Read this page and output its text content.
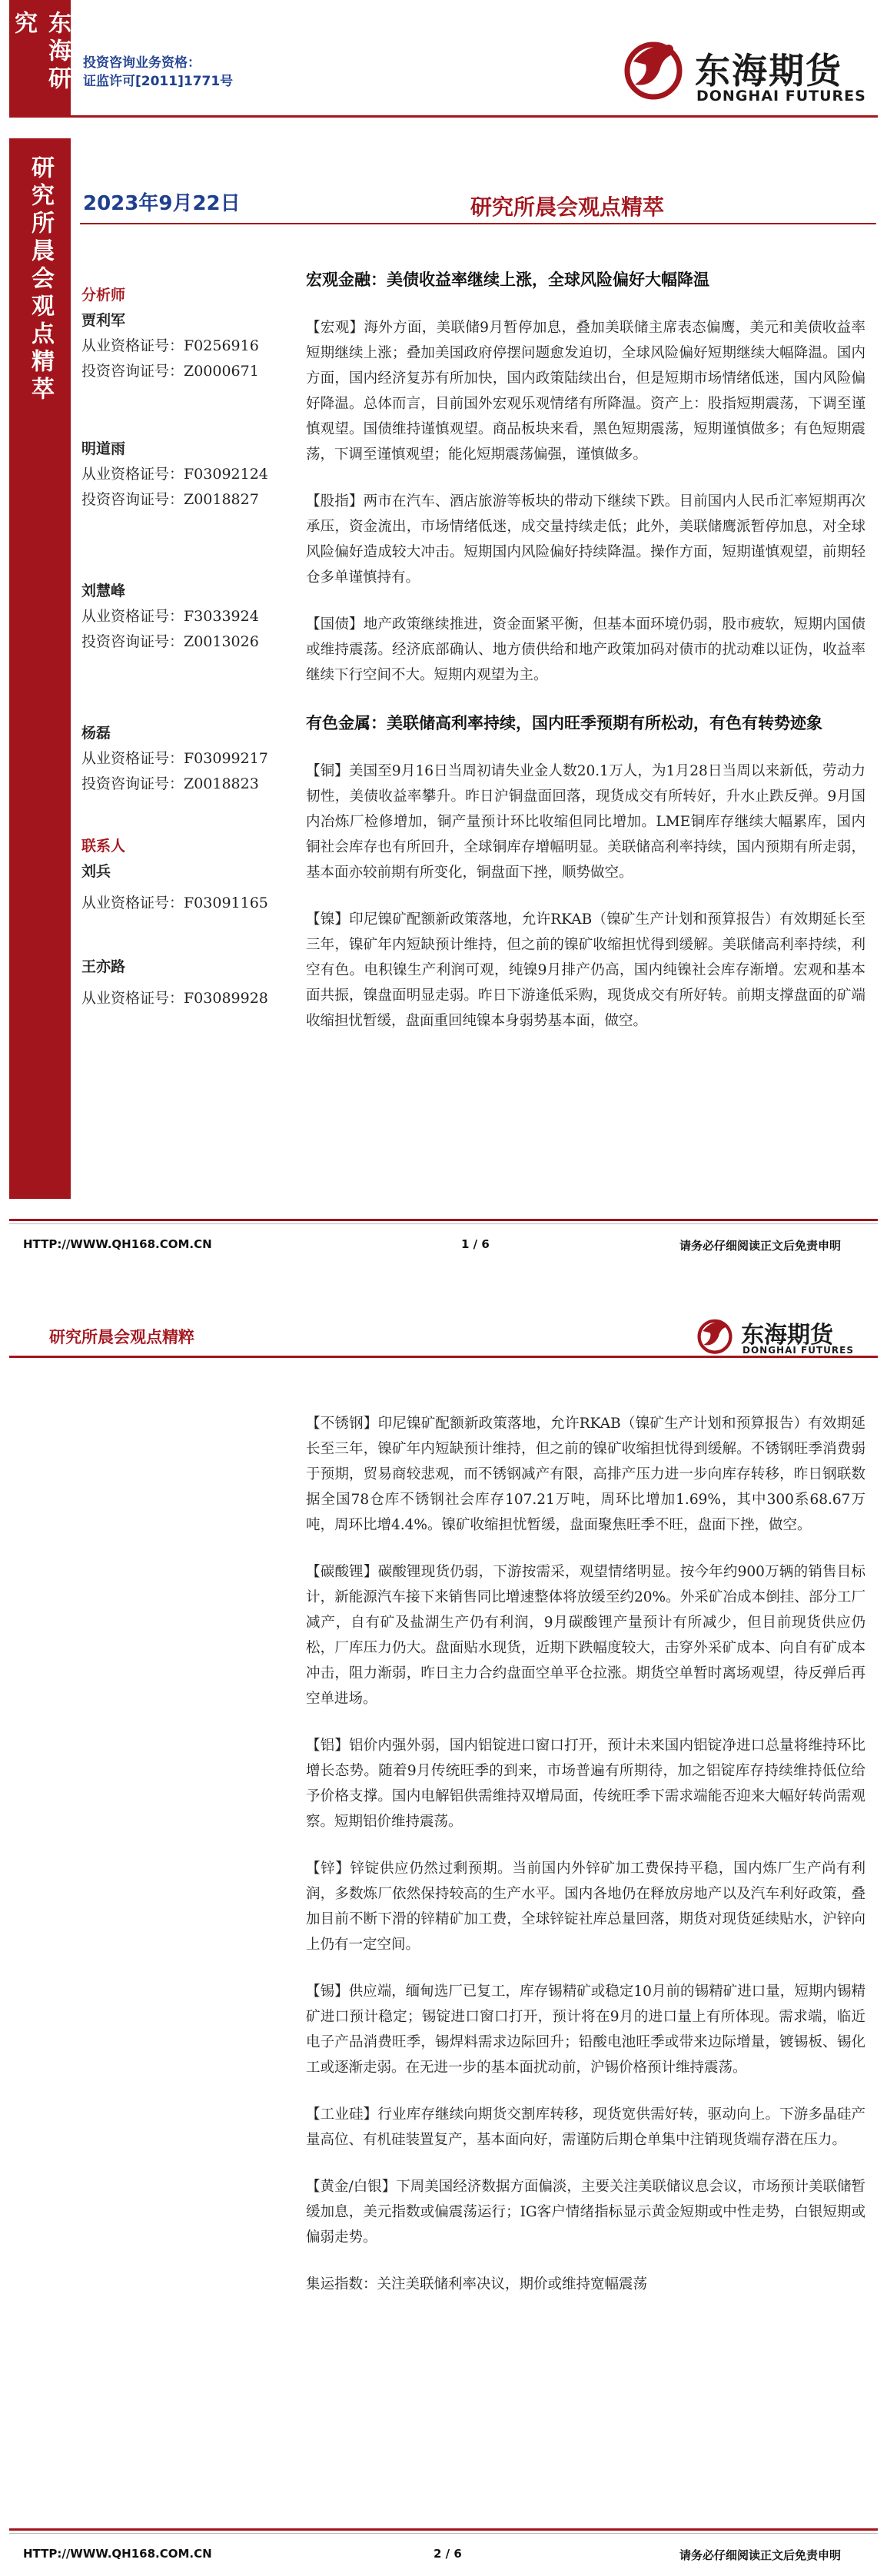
东海研究
投资咨询业务资格：
证监许可[2011]1771号	东海期货
DONGHAI FUTURES
研究所晨会观点精萃	2023年9月22日	研究所晨会观点精萃
分析师
贾利军
从业资格证号：F0256916
投资咨询证号：Z0000671
明道雨
从业资格证号：F03092124
投资咨询证号：Z0018827
刘慧峰
从业资格证号：F3033924
投资咨询证号：Z0013026
杨磊
从业资格证号：F03099217
投资咨询证号：Z0018823
联系人
刘兵
从业资格证号：F03091165
王亦路
从业资格证号：F03089928
宏观金融：美债收益率继续上涨，全球风险偏好大幅降温
【宏观】海外方面，美联储9月暂停加息，叠加美联储主席表态偏鹰，美元和美债收益率短期继续上涨；叠加美国政府停摆问题愈发迫切，全球风险偏好短期继续大幅降温。国内方面，国内经济复苏有所加快，国内政策陆续出台，但是短期市场情绪低迷，国内风险偏好降温。总体而言，目前国外宏观乐观情绪有所降温。资产上：股指短期震荡，下调至谨慎观望。国债维持谨慎观望。商品板块来看，黑色短期震荡，短期谨慎做多；有色短期震荡，下调至谨慎观望；能化短期震荡偏强，谨慎做多。
【股指】两市在汽车、酒店旅游等板块的带动下继续下跌。目前国内人民币汇率短期再次承压，资金流出，市场情绪低迷，成交量持续走低；此外，美联储鹰派暂停加息，对全球风险偏好造成较大冲击。短期国内风险偏好持续降温。操作方面，短期谨慎观望，前期轻仓多单谨慎持有。
【国债】地产政策继续推进，资金面紧平衡，但基本面环境仍弱，股市疲软，短期内国债或维持震荡。经济底部确认、地方债供给和地产政策加码对债市的扰动难以证伪，收益率继续下行空间不大。短期内观望为主。
有色金属：美联储高利率持续，国内旺季预期有所松动，有色有转势迹象
【铜】美国至9月16日当周初请失业金人数20.1万人，为1月28日当周以来新低，劳动力韧性，美债收益率攀升。昨日沪铜盘面回落，现货成交有所转好，升水止跌反弹。9月国内冶炼厂检修增加，铜产量预计环比收缩但同比增加。LME铜库存继续大幅累库，国内铜社会库存也有所回升，全球铜库存增幅明显。美联储高利率持续，国内预期有所走弱，基本面亦较前期有所变化，铜盘面下挫，顺势做空。
【镍】印尼镍矿配额新政策落地，允许RKAB（镍矿生产计划和预算报告）有效期延长至三年，镍矿年内短缺预计维持，但之前的镍矿收缩担忧得到缓解。美联储高利率持续，利空有色。电积镍生产利润可观，纯镍9月排产仍高，国内纯镍社会库存渐增。宏观和基本面共振，镍盘面明显走弱。昨日下游逢低采购，现货成交有所好转。前期支撑盘面的矿端收缩担忧暂缓，盘面重回纯镍本身弱势基本面，做空。
HTTP://WWW.QH168.COM.CN	1 / 6	请务必仔细阅读正文后免责申明
研究所晨会观点精粹	东海期货
DONGHAI FUTURES
【不锈钢】印尼镍矿配额新政策落地，允许RKAB（镍矿生产计划和预算报告）有效期延长至三年，镍矿年内短缺预计维持，但之前的镍矿收缩担忧得到缓解。不锈钢旺季消费弱于预期，贸易商较悲观，而不锈钢减产有限，高排产压力进一步向库存转移，昨日钢联数据全国78仓库不锈钢社会库存107.21万吨，周环比增加1.69%，其中300系68.67万吨，周环比增4.4%。镍矿收缩担忧暂缓，盘面聚焦旺季不旺，盘面下挫，做空。
【碳酸锂】碳酸锂现货仍弱，下游按需采，观望情绪明显。按今年约900万辆的销售目标计，新能源汽车接下来销售同比增速整体将放缓至约20%。外采矿冶成本倒挂、部分工厂减产，自有矿及盐湖生产仍有利润，9月碳酸锂产量预计有所减少，但目前现货供应仍松，厂库压力仍大。盘面贴水现货，近期下跌幅度较大，击穿外采矿成本、向自有矿成本冲击，阻力渐弱，昨日主力合约盘面空单平仓拉涨。期货空单暂时离场观望，待反弹后再空单进场。
【铝】铝价内强外弱，国内铝锭进口窗口打开，预计未来国内铝锭净进口总量将维持环比增长态势。随着9月传统旺季的到来，市场普遍有所期待，加之铝锭库存持续维持低位给予价格支撑。国内电解铝供需维持双增局面，传统旺季下需求端能否迎来大幅好转尚需观察。短期铝价维持震荡。
【锌】锌锭供应仍然过剩预期。当前国内外锌矿加工费保持平稳，国内炼厂生产尚有利润，多数炼厂依然保持较高的生产水平。国内各地仍在释放房地产以及汽车利好政策，叠加目前不断下滑的锌精矿加工费，全球锌锭社库总量回落，期货对现货延续贴水，沪锌向上仍有一定空间。
【锡】供应端，缅甸选厂已复工，库存锡精矿或稳定10月前的锡精矿进口量，短期内锡精矿进口预计稳定；锡锭进口窗口打开，预计将在9月的进口量上有所体现。需求端，临近电子产品消费旺季，锡焊料需求边际回升；铅酸电池旺季或带来边际增量，镀锡板、锡化工或逐渐走弱。在无进一步的基本面扰动前，沪锡价格预计维持震荡。
【工业硅】行业库存继续向期货交割库转移，现货宽供需好转，驱动向上。下游多晶硅产量高位、有机硅装置复产，基本面向好，需谨防后期仓单集中注销现货端存潜在压力。
【黄金/白银】下周美国经济数据方面偏淡，主要关注美联储议息会议，市场预计美联储暂缓加息，美元指数或偏震荡运行；IG客户情绪指标显示黄金短期或中性走势，白银短期或偏弱走势。
集运指数：关注美联储利率决议，期价或维持宽幅震荡
HTTP://WWW.QH168.COM.CN	2 / 6	请务必仔细阅读正文后免责申明
